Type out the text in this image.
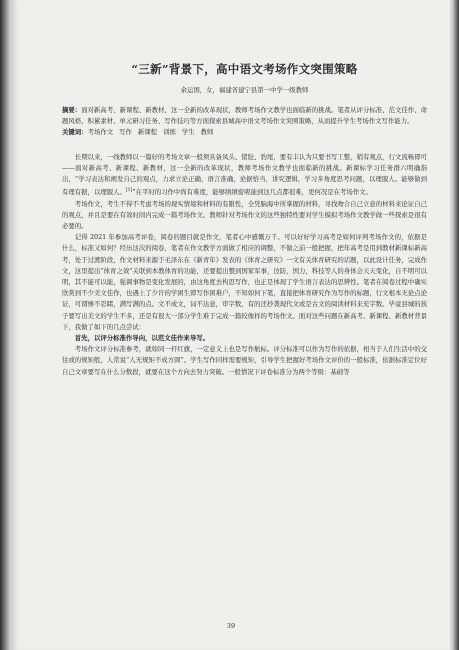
“三新”背景下，高中语文考场作文突围策略
余运国，女，福建省建宁县第一中学一级教师

摘要：面对新高考、新课程、新教材，这一全新的改革现状，教师考场作文教学也面临新的挑战。笔者从评分标准、范文佳作、命题风格、积累素材、单元研习任务、写作技巧等方面探索县城高中语文考场作文突围策略，从而提升学生考场作文写作能力。

关键词：考场作文 写作 新课程 训练 学生 教师

长期以来，一线教师以一篇好的考场文章一般须具备凤头、猪肚、豹尾，要有丰认为只要书写工整，稍有观点，行文流畅即可——面对新高考、新课程、新教材，这一全新的改革现状，教师考场作文教学也面临新的挑战。新课标学习任务群六明确指出，“学习表达和阐发自己的观点，力求立论正确，语言准确，论据恰当，讲究逻辑，学习多角度思考问题，以理服人。能够做到有理有据，以理服人。[1]”在平时的习作中尚有难度，能够缜缜密呢能到这几点都很难，更何况是在考场作文。

考场作文，考生不得不考虑考场的现实情境和材料的有限性，全凭脑海中所掌握的材料，寻找吻合自己立意的材料来论证自己的观点，并且是要在有效时间内完成一篇考场作文。教师针对考场作文的这些独特性要对学生模拟考场作文教学做一些探索是很有必要的。

记得 2021 年参加高考评卷，阅卷的题目就是作文，笔者心中感慨万千。可以好好学习高考是如何评判考场作文的，依据是什么，标准又如何？经历这次的阅卷，笔者在作文教学方面做了相应的调整，不做之前一般把握，把年高考是用到教材新课标新高考，处于过渡阶段，作文材料来源于毛泽东在《新青年》发表的《体育之研究》一文有关体育研究的话题，以此设计任务，完成作文，这里提出“体育之效”关联到本教体育的功能，还要提出整到国家军事，边防，国力，科技等人的身体会天天变化，自不明可以明，其不能可以能，强调事物是变化发展的，由这角度去构思写作，也正是体现了学生语言表达的思辨性。笔者在阅卷过程中确实欣赏到不少美文佳作，也遇上了少许的学困生即写作困难户，不知如何下笔，直接把体育研究作为写作的标题，行文根本无论点论证，可谓惨不忍睹，满写满的点。文不成文，词不达意，审字数，有的还抄袭现代文或是古文的阅读材料来充字数。毕竟县城的孩子要写出美文的学生不多，还是有很大一部分学生难于完成一篇较像样的考场作文。面对这些问题在新高考、新课程、新教材背景下，我做了如下的几点尝试：

首先，以评分标准作导向，以范文佳作来导写。

考场作文评分标准参考，就如同一杆红旗，一定意义上也是写作航标。评分标准可以作为写作的依据，相当于人们生活中的交往或的规矩般，人常说“人无规矩不成方圆”。学生写作同样需要规矩，引导学生把握好考场作文评价的一般标准，依据标准定位好自己文章要写在什么分数段，就要在这个方向去努力突破。一般情况下评卷标准分为两个等级：基础等

39
